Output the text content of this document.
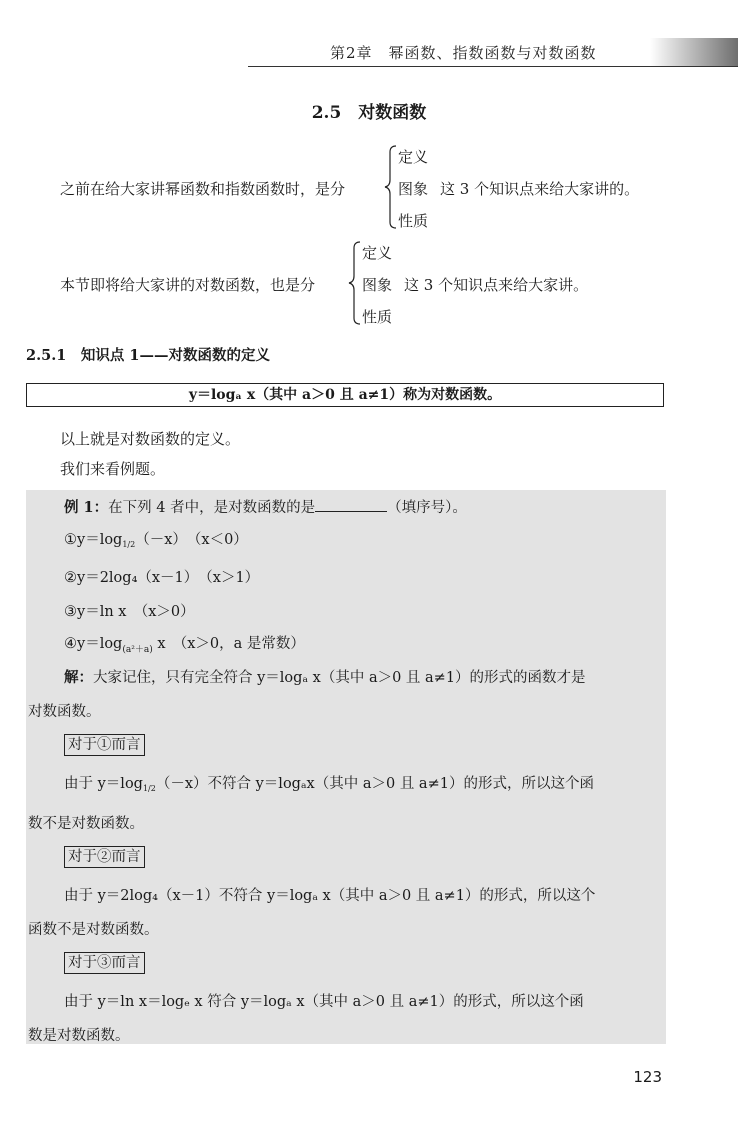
第2章　幂函数、指数函数与对数函数
2.5　对数函数
之前在给大家讲幂函数和指数函数时，是分
定义
图象
性质
这 3 个知识点来给大家讲的。
本节即将给大家讲的对数函数，也是分
定义
图象
性质
这 3 个知识点来给大家讲。
2.5.1　知识点 1——对数函数的定义
y＝logₐ x（其中 a＞0 且 a≠1）称为对数函数。
以上就是对数函数的定义。
我们来看例题。
例 1：在下列 4 者中，是对数函数的是	（填序号）。
①y＝log1/2（－x）　（x＜0）
②y＝2log₄（x－1）　（x＞1）
③y＝ln x　（x＞0）
$④y=\log_{(a^2+a)}$ x　（x＞0，a 是常数）
解：大家记住，只有完全符合 y＝logₐ x（其中 a＞0 且 a≠1）的形式的函数才是
对数函数。
对于①而言
由于 y＝log1/2（－x）不符合 y＝logₐx（其中 a＞0 且 a≠1）的形式，所以这个函
数不是对数函数。
对于②而言
由于 y＝2log₄（x－1）不符合 y＝logₐ x（其中 a＞0 且 a≠1）的形式，所以这个
函数不是对数函数。
对于③而言
由于 y＝ln x＝logₑ x 符合 y＝logₐ x（其中 a＞0 且 a≠1）的形式，所以这个函
数是对数函数。
123
